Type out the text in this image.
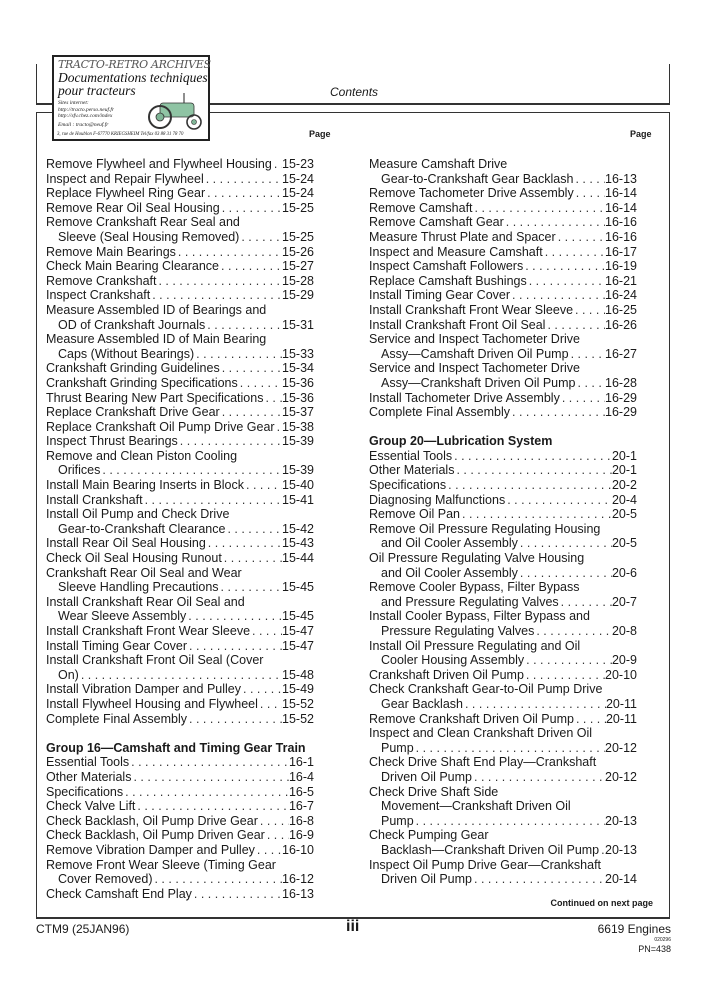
TRACTO-RETRO ARCHIVES
Documentations techniques
pour tracteurs
Sites internet:
http://tracto.perso.neuf.fr
http://sfv.chez.com/index
Email : tracto@neuf.fr
3, rue de Houblon F-67770 KRIEGSHEIM Tel/fax 03 88 31 78 70
Contents
Page	Page
Remove Flywheel and Flywheel Housing . . . 15-23
Inspect and Repair Flywheel . . .	15-24
Replace Flywheel Ring Gear . . .	15-24
Remove Rear Oil Seal Housing . . .	15-25
Remove Crankshaft Rear Seal and
Sleeve (Seal Housing Removed) . . .	15-25
Remove Main Bearings . . .	15-26
Check Main Bearing Clearance . . .	15-27
Remove Crankshaft . . .	15-28
Inspect Crankshaft . . .	15-29
Measure Assembled ID of Bearings and
OD of Crankshaft Journals . . .	15-31
Measure Assembled ID of Main Bearing
Caps (Without Bearings) . . .	15-33
Crankshaft Grinding Guidelines . . .	15-34
Crankshaft Grinding Specifications . . .	15-36
Thrust Bearing New Part Specifications . . . 15-36
Replace Crankshaft Drive Gear . . .	15-37
Replace Crankshaft Oil Pump Drive Gear . . . 15-38
Inspect Thrust Bearings . . .	15-39
Remove and Clean Piston Cooling
Orifices . . .	15-39
Install Main Bearing Inserts in Block . . .	15-40
Install Crankshaft . . .	15-41
Install Oil Pump and Check Drive
Gear-to-Crankshaft Clearance . . .	15-42
Install Rear Oil Seal Housing . . .	15-43
Check Oil Seal Housing Runout . . .	15-44
Crankshaft Rear Oil Seal and Wear
Sleeve Handling Precautions . . .	15-45
Install Crankshaft Rear Oil Seal and
Wear Sleeve Assembly . . .	15-45
Install Crankshaft Front Wear Sleeve . . .	15-47
Install Timing Gear Cover . . .	15-47
Install Crankshaft Front Oil Seal (Cover
On) . . .	15-48
Install Vibration Damper and Pulley . . .	15-49
Install Flywheel Housing and Flywheel . . . 15-52
Complete Final Assembly . . .	15-52
Group 16—Camshaft and Timing Gear Train
Essential Tools . . .	16-1
Other Materials . . .	16-4
Specifications . . .	16-5
Check Valve Lift . . .	16-7
Check Backlash, Oil Pump Drive Gear . . . 16-8
Check Backlash, Oil Pump Driven Gear . . . 16-9
Remove Vibration Damper and Pulley . . . 16-10
Remove Front Wear Sleeve (Timing Gear
Cover Removed) . . .	16-12
Check Camshaft End Play . . .	16-13
Measure Camshaft Drive
Gear-to-Crankshaft Gear Backlash . . .	16-13
Remove Tachometer Drive Assembly . . .	16-14
Remove Camshaft . . .	16-14
Remove Camshaft Gear . . .	16-16
Measure Thrust Plate and Spacer . . .	16-16
Inspect and Measure Camshaft . . .	16-17
Inspect Camshaft Followers . . .	16-19
Replace Camshaft Bushings . . .	16-21
Install Timing Gear Cover . . .	16-24
Install Crankshaft Front Wear Sleeve . . .	16-25
Install Crankshaft Front Oil Seal . . .	16-26
Service and Inspect Tachometer Drive
Assy—Camshaft Driven Oil Pump . . .	16-27
Service and Inspect Tachometer Drive
Assy—Crankshaft Driven Oil Pump . . . 16-28
Install Tachometer Drive Assembly . . .	16-29
Complete Final Assembly . . .	16-29
Group 20—Lubrication System
Essential Tools . . .	20-1
Other Materials . . .	20-1
Specifications . . .	20-2
Diagnosing Malfunctions . . .	20-4
Remove Oil Pan . . .	20-5
Remove Oil Pressure Regulating Housing
and Oil Cooler Assembly . . .	20-5
Oil Pressure Regulating Valve Housing
and Oil Cooler Assembly . . .	20-6
Remove Cooler Bypass, Filter Bypass
and Pressure Regulating Valves . . .	20-7
Install Cooler Bypass, Filter Bypass and
Pressure Regulating Valves . . .	20-8
Install Oil Pressure Regulating and Oil
Cooler Housing Assembly . . .	20-9
Crankshaft Driven Oil Pump . . .	20-10
Check Crankshaft Gear-to-Oil Pump Drive
Gear Backlash . . .	20-11
Remove Crankshaft Driven Oil Pump . . .	20-11
Inspect and Clean Crankshaft Driven Oil
Pump . . .	20-12
Check Drive Shaft End Play—Crankshaft
Driven Oil Pump . . .	20-12
Check Drive Shaft Side
Movement—Crankshaft Driven Oil
Pump . . .	20-13
Check Pumping Gear
Backlash—Crankshaft Driven Oil Pump . . . 20-13
Inspect Oil Pump Drive Gear—Crankshaft
Driven Oil Pump . . .	20-14
Continued on next page
CTM9 (25JAN96)	iii	6619 Engines
020296
PN=438
